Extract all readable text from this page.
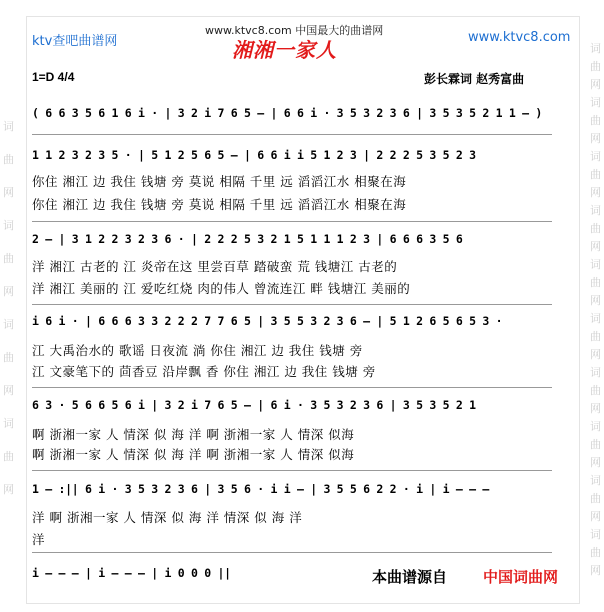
词曲网词曲网词曲网词曲网
词曲网词曲网词曲网词曲网词曲网词曲网词曲网词曲网词曲网词曲网
ktv查吧曲谱网
www.ktvc8.com 中国最大的曲谱网	www.ktvc8.com
湘湘一家人
1=D 4/4	彭长霖词 赵秀富曲
( 6 6 3 5 6 1 6 i · | 3 2 i 7 6 5 – | 6 6 i · 3 5 3 2 3 6 | 3 5 3 5 2 1 1 – )
1 1 2 3 2 3 5 · | 5 1 2 5 6 5 – | 6 6 i i 5 1 2 3 | 2 2 2 5 3 5 2 3
你住 湘江 边 我住 钱塘 旁 莫说 相隔 千里 远 滔滔江水 相聚在海
你住 湘江 边 我住 钱塘 旁 莫说 相隔 千里 远 滔滔江水 相聚在海
2 – | 3 1 2 2 3 2 3 6 · | 2 2 2 5 3 2 1 5 1 1 1 2 3 | 6 6 6 3 5 6
洋 湘江 古老的 江 炎帝在这 里尝百草 踏破蛮 荒 钱塘江 古老的
洋 湘江 美丽的 江 爱吃红烧 肉的伟人 曾流连江 畔 钱塘江 美丽的
i 6 i · | 6 6 6 3 3 2 2 2 7 7 6 5 | 3 5 5 3 2 3 6 – | 5 1 2 6 5 6 5 3 ·
江 大禹治水的 歌谣 日夜流 淌 你住 湘江 边 我住 钱塘 旁
江 文豪笔下的 茴香豆 沿岸飘 香 你住 湘江 边 我住 钱塘 旁
6 3 · 5 6 6 5 6 i | 3 2 i 7 6 5 – | 6 i · 3 5 3 2 3 6 | 3 5 3 5 2 1
啊 浙湘一家 人 情深 似 海 洋 啊 浙湘一家 人 情深 似海
啊 浙湘一家 人 情深 似 海 洋 啊 浙湘一家 人 情深 似海
1 – :|| 6 i · 3 5 3 2 3 6 | 3 5 6 · i i – | 3 5 5 6 2 2 · i | i – – –
洋 啊 浙湘一家 人 情深 似 海 洋 情深 似 海 洋
洋
i – – – | i – – – | i 0 0 0 ||	本曲谱源自 中国词曲网
